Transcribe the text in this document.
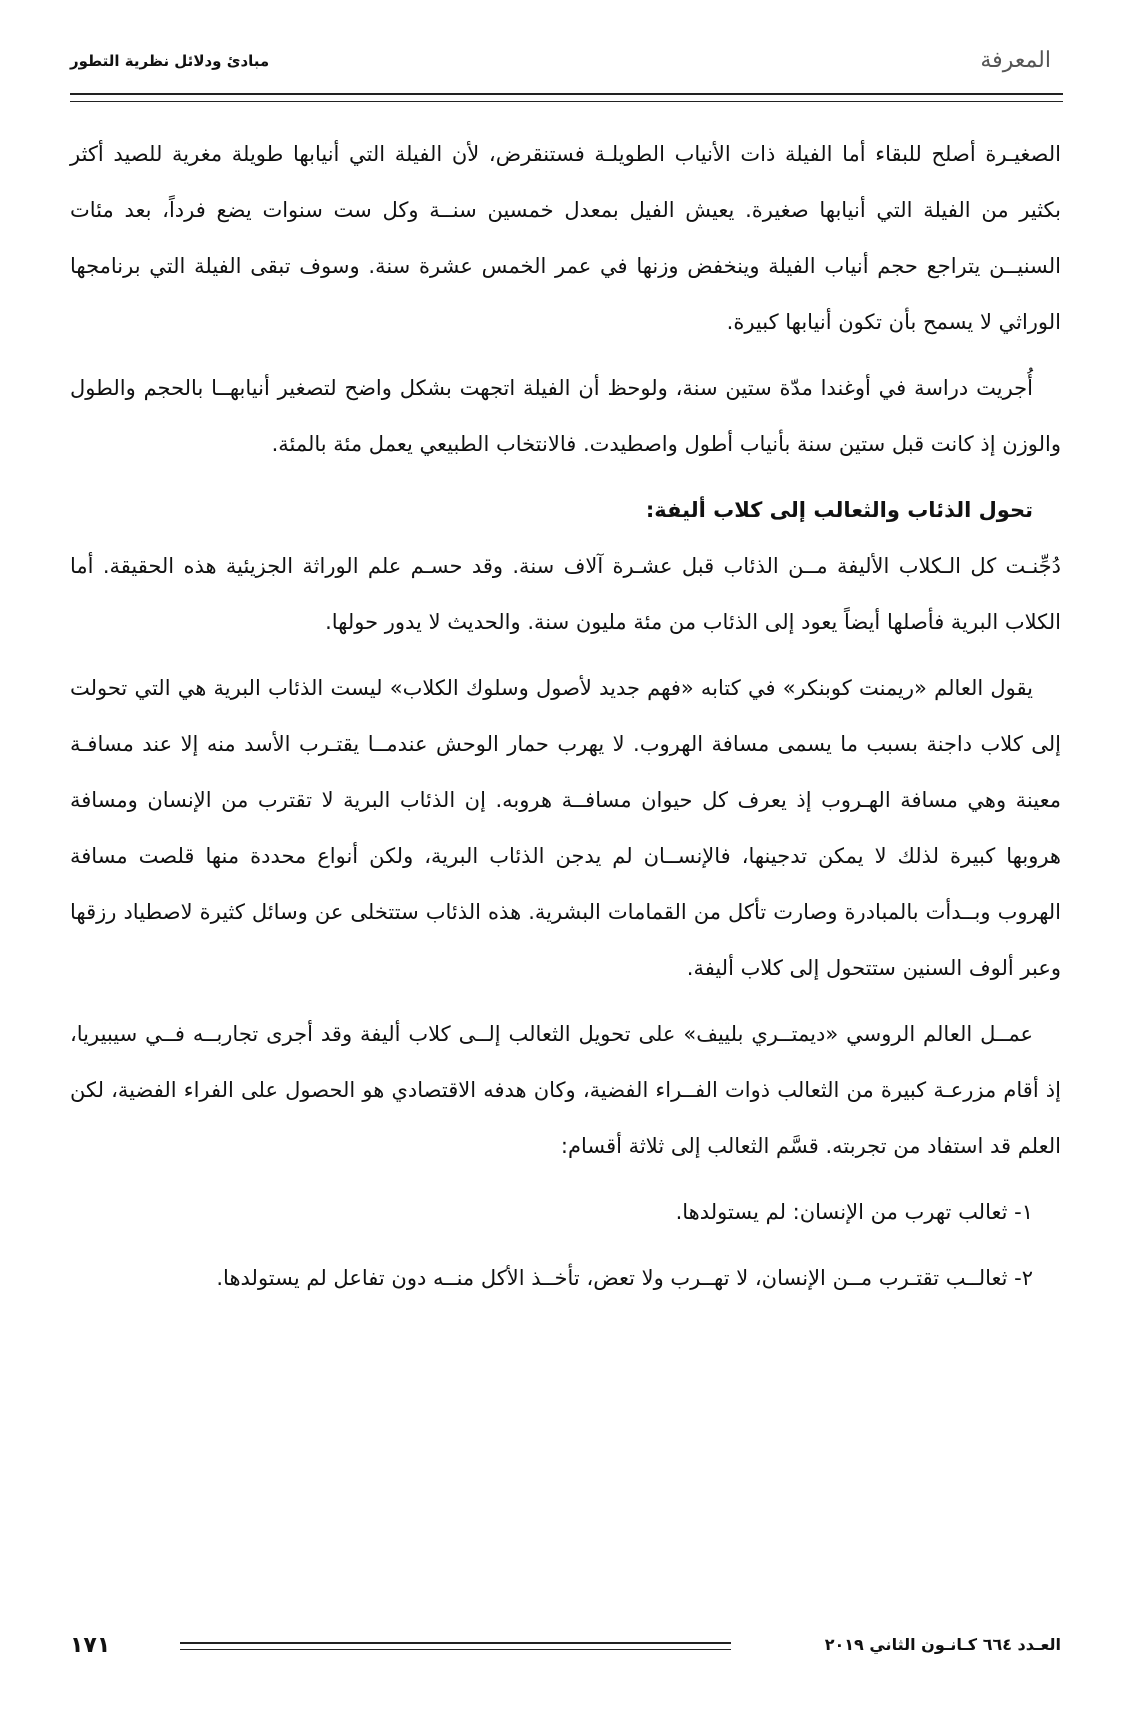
المعرفة
مبادئ ودلائل نظرية التطور

الصغيـرة أصلح للبقاء أما الفيلة ذات الأنياب الطويلـة فستنقرض، لأن الفيلة التي أنيابها طويلة مغرية للصيد أكثر بكثير من الفيلة التي أنيابها صغيرة. يعيش الفيل بمعدل خمسين سنــة وكل ست سنوات يضع فرداً، بعد مئات السنيــن يتراجع حجم أنياب الفيلة وينخفض وزنها في عمر الخمس عشرة سنة. وسوف تبقى الفيلة التي برنامجها الوراثي لا يسمح بأن تكون أنيابها كبيرة.

أُجريت دراسة في أوغندا مدّة ستين سنة، ولوحظ أن الفيلة اتجهت بشكل واضح لتصغير أنيابهــا بالحجم والطول والوزن إذ كانت قبل ستين سنة بأنياب أطول واصطيدت. فالانتخاب الطبيعي يعمل مئة بالمئة.

تحول الذئاب والثعالب إلى كلاب أليفة:

دُجِّنـت كل الـكلاب الأليفة مــن الذئاب قبل عشـرة آلاف سنة. وقد حسـم علم الوراثة الجزيئية هذه الحقيقة. أما الكلاب البرية فأصلها أيضاً يعود إلى الذئاب من مئة مليون سنة. والحديث لا يدور حولها.

يقول العالم «ريمنت كوبنكر» في كتابه «فهم جديد لأصول وسلوك الكلاب» ليست الذئاب البرية هي التي تحولت إلى كلاب داجنة بسبب ما يسمى مسافة الهروب. لا يهرب حمار الوحش عندمــا يقتـرب الأسد منه إلا عند مسافـة معينة وهي مسافة الهـروب إذ يعرف كل حيوان مسافــة هروبه. إن الذئاب البرية لا تقترب من الإنسان ومسافة هروبها كبيرة لذلك لا يمكن تدجينها، فالإنســان لم يدجن الذئاب البرية، ولكن أنواع محددة منها قلصت مسافة الهروب وبــدأت بالمبادرة وصارت تأكل من القمامات البشرية. هذه الذئاب ستتخلى عن وسائل كثيرة لاصطياد رزقها وعبر ألوف السنين ستتحول إلى كلاب أليفة.

عمــل العالم الروسي «ديمتــري بلييف» على تحويل الثعالب إلــى كلاب أليفة وقد أجرى تجاربــه فــي سيبيريا، إذ أقام مزرعـة كبيرة من الثعالب ذوات الفــراء الفضية، وكان هدفه الاقتصادي هو الحصول على الفراء الفضية، لكن العلم قد استفاد من تجربته. قسَّم الثعالب إلى ثلاثة أقسام:

١- ثعالب تهرب من الإنسان: لم يستولدها.

٢- ثعالــب تقتـرب مــن الإنسان، لا تهــرب ولا تعض، تأخــذ الأكل منــه دون تفاعل لم يستولدها.

١٧١	العـدد ٦٦٤ كـانـون الثاني ٢٠١٩
